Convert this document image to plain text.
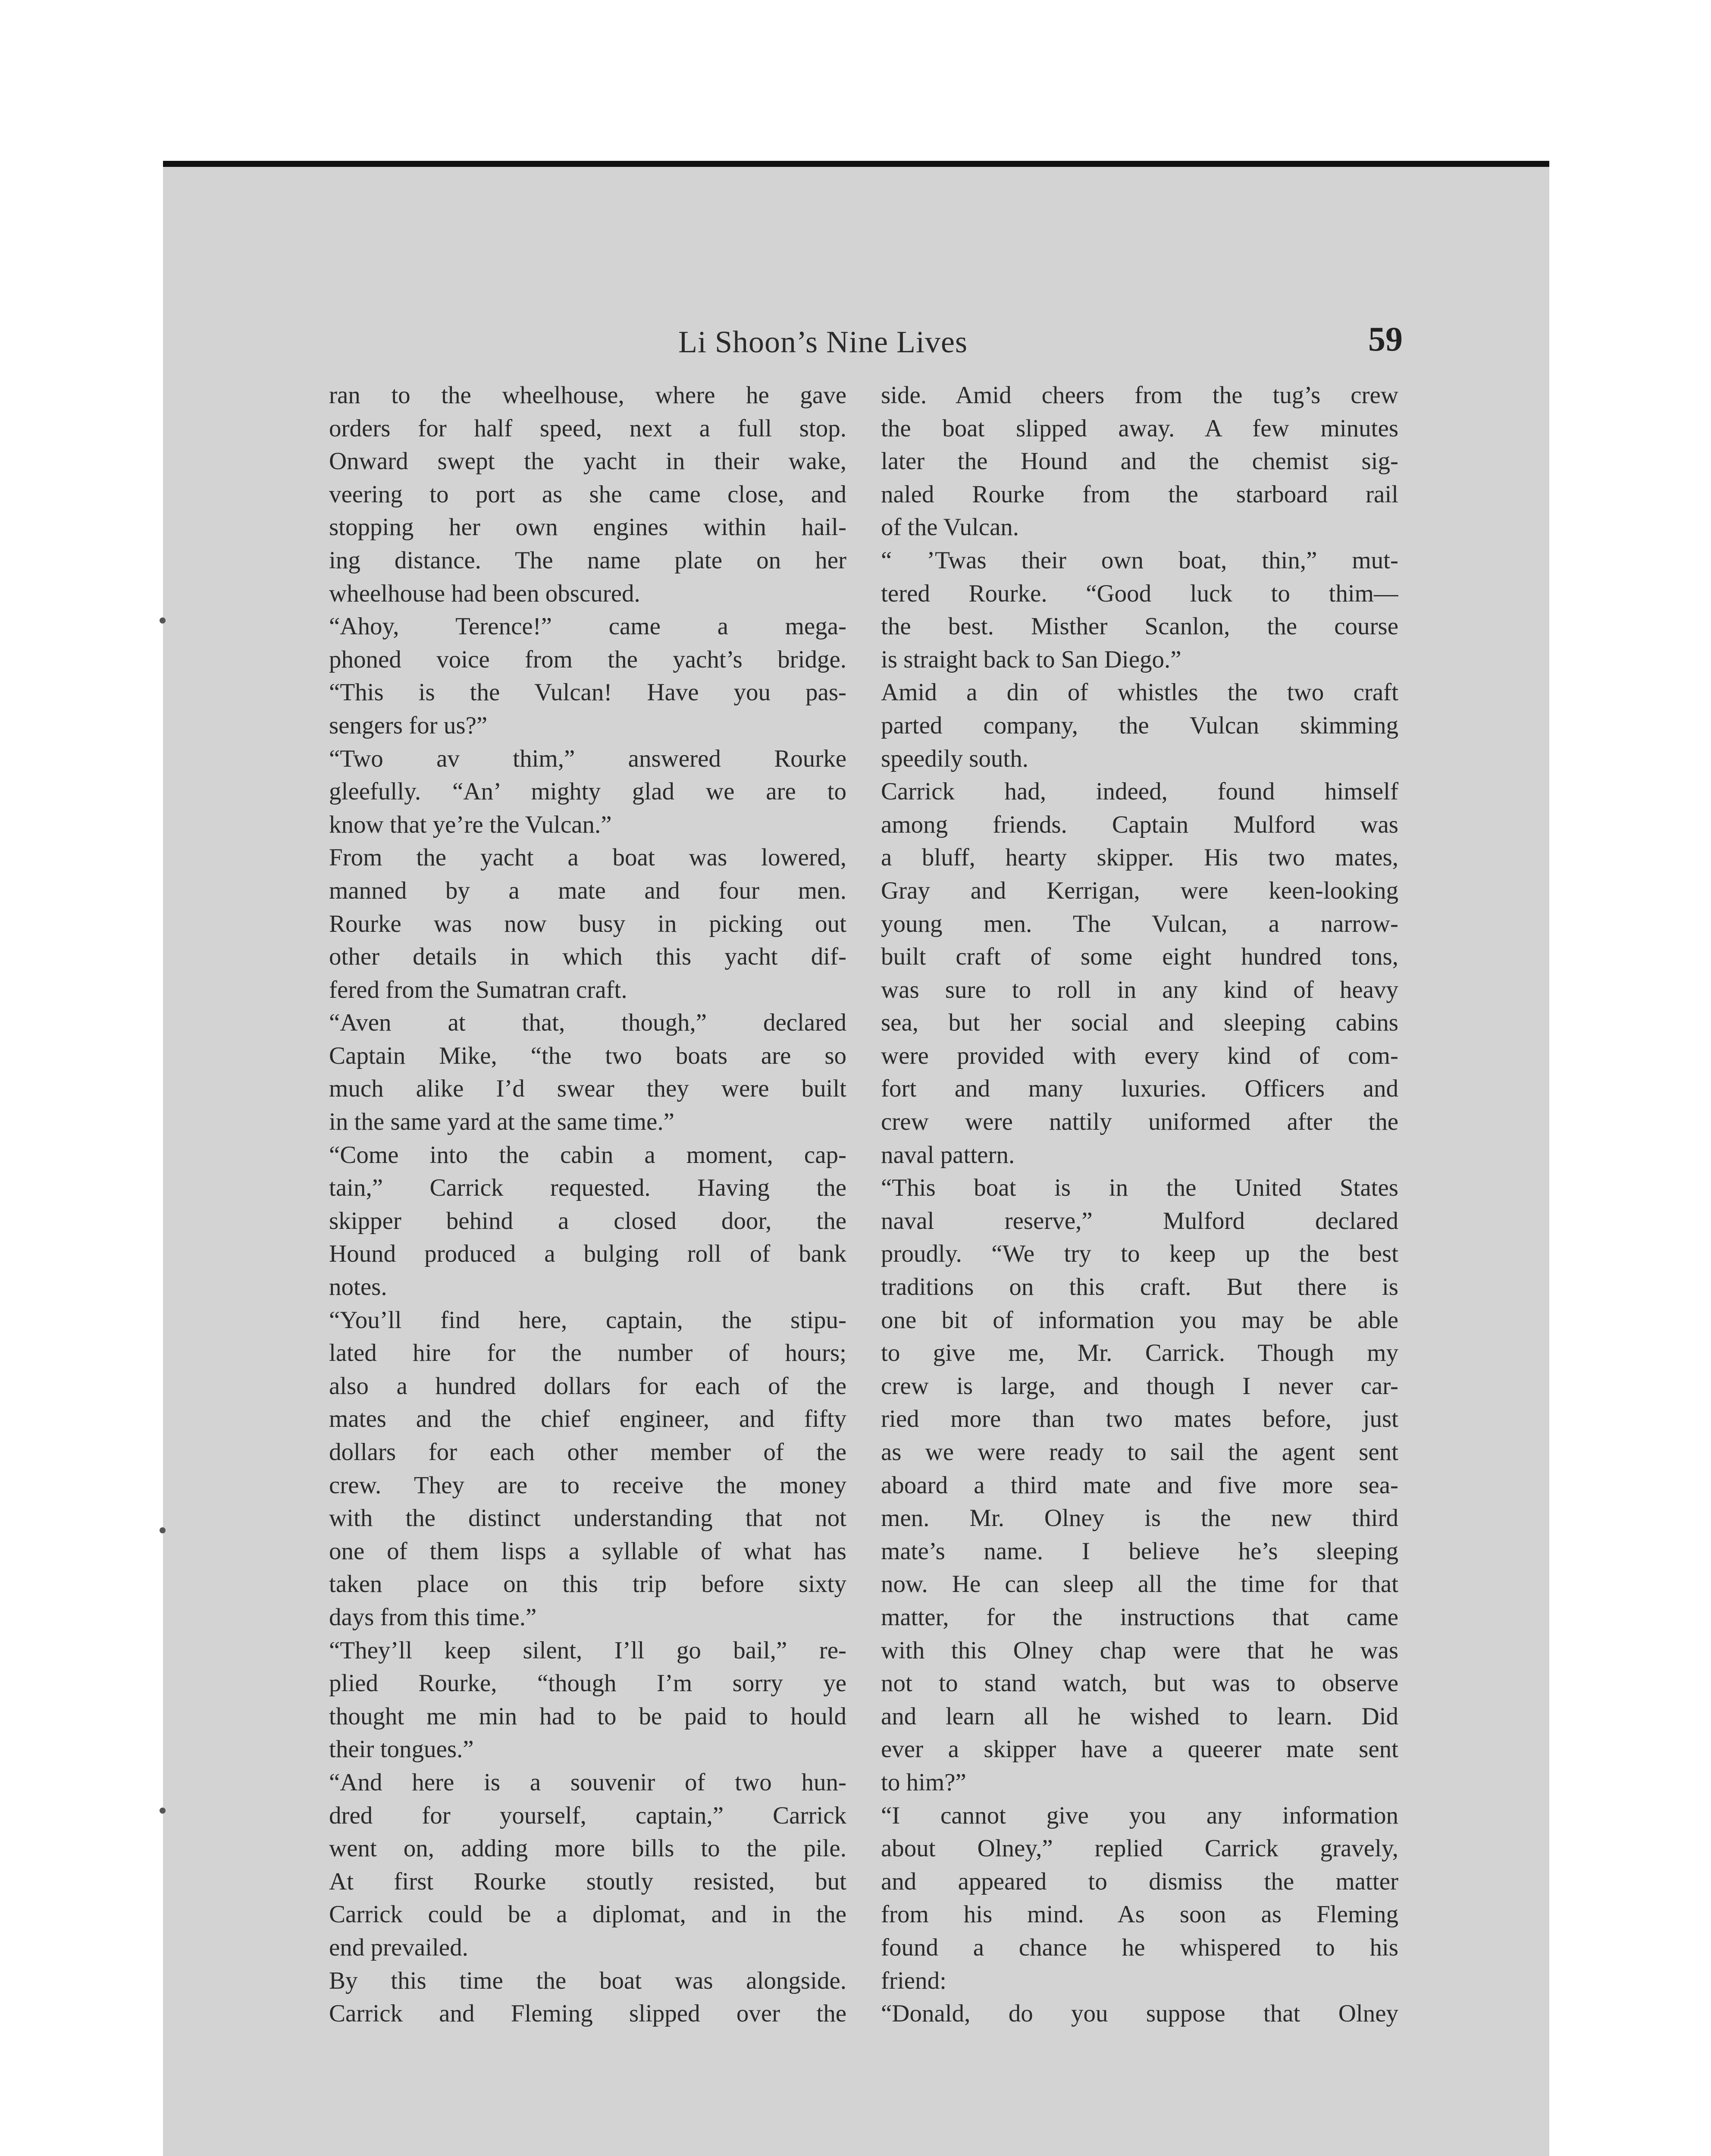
Li Shoon’s Nine Lives	59
ran to the wheelhouse, where he gave
orders for half speed, next a full stop.
Onward swept the yacht in their wake,
veering to port as she came close, and
stopping her own engines within hail-
ing distance. The name plate on her
wheelhouse had been obscured.
“Ahoy, Terence!” came a mega-
phoned voice from the yacht’s bridge.
“This is the Vulcan! Have you pas-
sengers for us?”
“Two av thim,” answered Rourke
gleefully. “An’ mighty glad we are to
know that ye’re the Vulcan.”
From the yacht a boat was lowered,
manned by a mate and four men.
Rourke was now busy in picking out
other details in which this yacht dif-
fered from the Sumatran craft.
“Aven at that, though,” declared
Captain Mike, “the two boats are so
much alike I’d swear they were built
in the same yard at the same time.”
“Come into the cabin a moment, cap-
tain,” Carrick requested. Having the
skipper behind a closed door, the
Hound produced a bulging roll of bank
notes.
“You’ll find here, captain, the stipu-
lated hire for the number of hours;
also a hundred dollars for each of the
mates and the chief engineer, and fifty
dollars for each other member of the
crew. They are to receive the money
with the distinct understanding that not
one of them lisps a syllable of what has
taken place on this trip before sixty
days from this time.”
“They’ll keep silent, I’ll go bail,” re-
plied Rourke, “though I’m sorry ye
thought me min had to be paid to hould
their tongues.”
“And here is a souvenir of two hun-
dred for yourself, captain,” Carrick
went on, adding more bills to the pile.
At first Rourke stoutly resisted, but
Carrick could be a diplomat, and in the
end prevailed.
By this time the boat was alongside.
Carrick and Fleming slipped over the
side. Amid cheers from the tug’s crew
the boat slipped away. A few minutes
later the Hound and the chemist sig-
naled Rourke from the starboard rail
of the Vulcan.
“ ’Twas their own boat, thin,” mut-
tered Rourke. “Good luck to thim—
the best. Misther Scanlon, the course
is straight back to San Diego.”
Amid a din of whistles the two craft
parted company, the Vulcan skimming
speedily south.
Carrick had, indeed, found himself
among friends. Captain Mulford was
a bluff, hearty skipper. His two mates,
Gray and Kerrigan, were keen-looking
young men. The Vulcan, a narrow-
built craft of some eight hundred tons,
was sure to roll in any kind of heavy
sea, but her social and sleeping cabins
were provided with every kind of com-
fort and many luxuries. Officers and
crew were nattily uniformed after the
naval pattern.
“This boat is in the United States
naval reserve,” Mulford declared
proudly. “We try to keep up the best
traditions on this craft. But there is
one bit of information you may be able
to give me, Mr. Carrick. Though my
crew is large, and though I never car-
ried more than two mates before, just
as we were ready to sail the agent sent
aboard a third mate and five more sea-
men. Mr. Olney is the new third
mate’s name. I believe he’s sleeping
now. He can sleep all the time for that
matter, for the instructions that came
with this Olney chap were that he was
not to stand watch, but was to observe
and learn all he wished to learn. Did
ever a skipper have a queerer mate sent
to him?”
“I cannot give you any information
about Olney,” replied Carrick gravely,
and appeared to dismiss the matter
from his mind. As soon as Fleming
found a chance he whispered to his
friend:
“Donald, do you suppose that Olney
